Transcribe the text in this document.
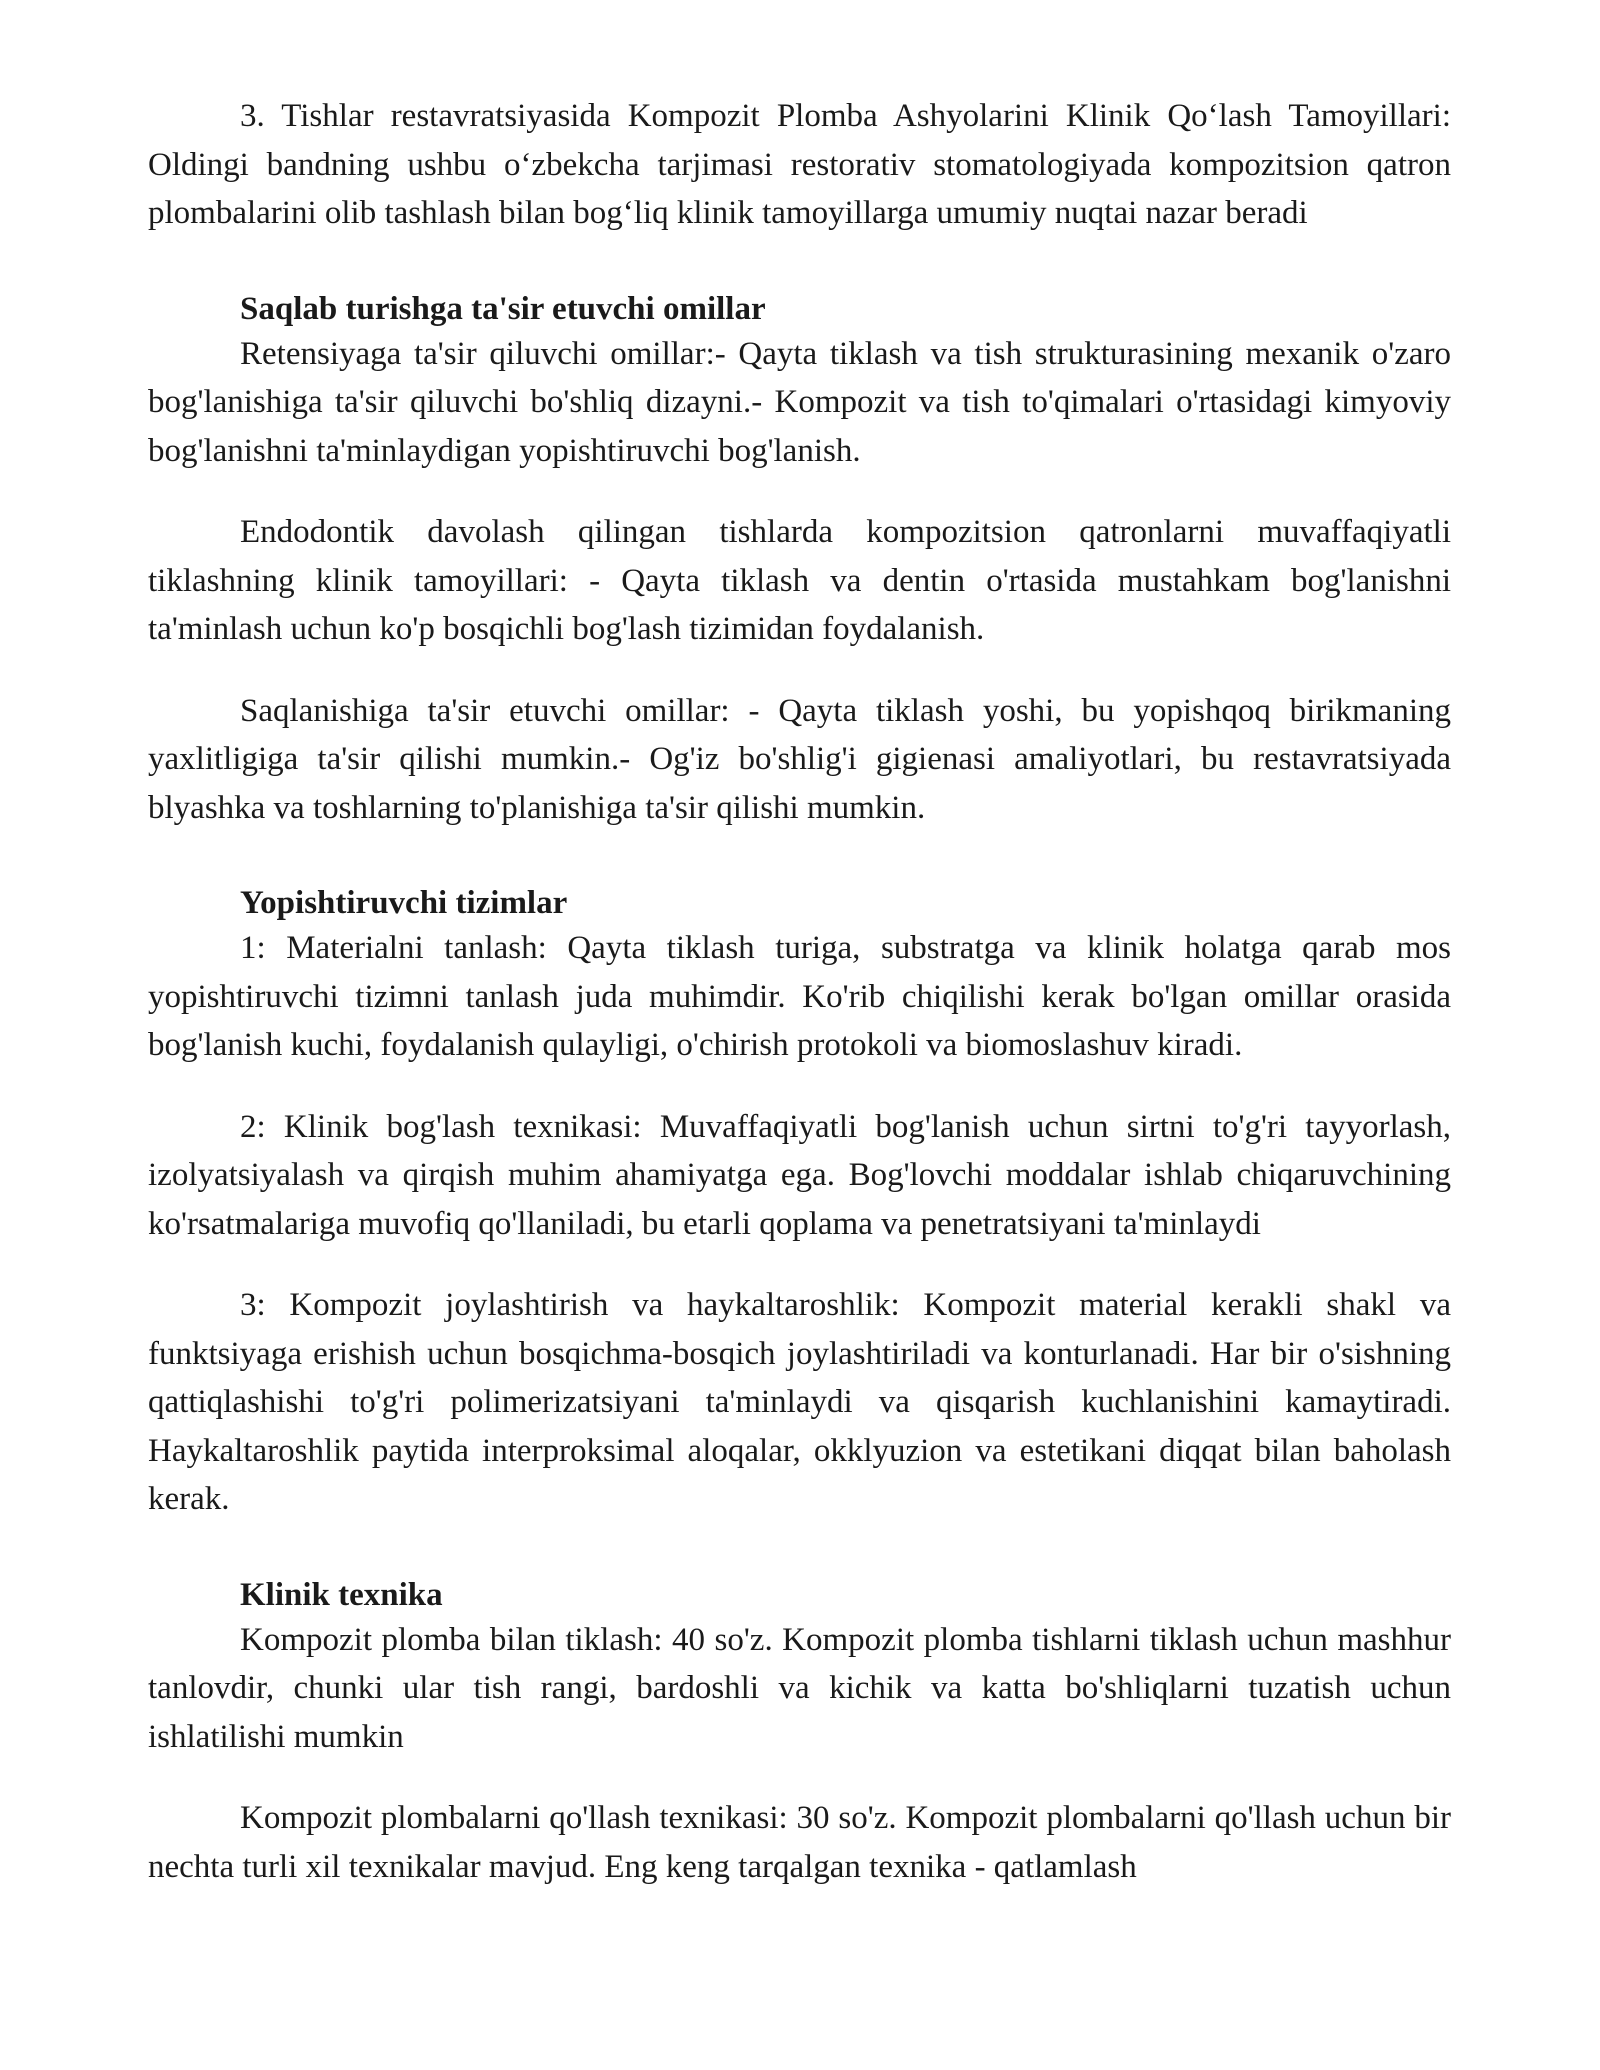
3. Tishlar restavratsiyasida Kompozit Plomba Ashyolarini Klinik Qoʻlash Tamoyillari: Oldingi bandning ushbu oʻzbekcha tarjimasi restorativ stomatologiyada kompozitsion qatron plombalarini olib tashlash bilan bogʻliq klinik tamoyillarga umumiy nuqtai nazar beradi

Saqlab turishga ta'sir etuvchi omillar

Retensiyaga ta'sir qiluvchi omillar:- Qayta tiklash va tish strukturasining mexanik o'zaro bog'lanishiga ta'sir qiluvchi bo'shliq dizayni.- Kompozit va tish to'qimalari o'rtasidagi kimyoviy bog'lanishni ta'minlaydigan yopishtiruvchi bog'lanish.

Endodontik davolash qilingan tishlarda kompozitsion qatronlarni muvaffaqiyatli tiklashning klinik tamoyillari: - Qayta tiklash va dentin o'rtasida mustahkam bog'lanishni ta'minlash uchun ko'p bosqichli bog'lash tizimidan foydalanish.

Saqlanishiga ta'sir etuvchi omillar: - Qayta tiklash yoshi, bu yopishqoq birikmaning yaxlitligiga ta'sir qilishi mumkin.- Og'iz bo'shlig'i gigienasi amaliyotlari, bu restavratsiyada blyashka va toshlarning to'planishiga ta'sir qilishi mumkin.

Yopishtiruvchi tizimlar

1: Materialni tanlash: Qayta tiklash turiga, substratga va klinik holatga qarab mos yopishtiruvchi tizimni tanlash juda muhimdir. Ko'rib chiqilishi kerak bo'lgan omillar orasida bog'lanish kuchi, foydalanish qulayligi, o'chirish protokoli va biomoslashuv kiradi.

2: Klinik bog'lash texnikasi: Muvaffaqiyatli bog'lanish uchun sirtni to'g'ri tayyorlash, izolyatsiyalash va qirqish muhim ahamiyatga ega. Bog'lovchi moddalar ishlab chiqaruvchining ko'rsatmalariga muvofiq qo'llaniladi, bu etarli qoplama va penetratsiyani ta'minlaydi

3: Kompozit joylashtirish va haykaltaroshlik: Kompozit material kerakli shakl va funktsiyaga erishish uchun bosqichma-bosqich joylashtiriladi va konturlanadi. Har bir o'sishning qattiqlashishi to'g'ri polimerizatsiyani ta'minlaydi va qisqarish kuchlanishini kamaytiradi. Haykaltaroshlik paytida interproksimal aloqalar, okklyuzion va estetikani diqqat bilan baholash kerak.

Klinik texnika

Kompozit plomba bilan tiklash: 40 so'z. Kompozit plomba tishlarni tiklash uchun mashhur tanlovdir, chunki ular tish rangi, bardoshli va kichik va katta bo'shliqlarni tuzatish uchun ishlatilishi mumkin

Kompozit plombalarni qo'llash texnikasi: 30 so'z. Kompozit plombalarni qo'llash uchun bir nechta turli xil texnikalar mavjud. Eng keng tarqalgan texnika - qatlamlash
